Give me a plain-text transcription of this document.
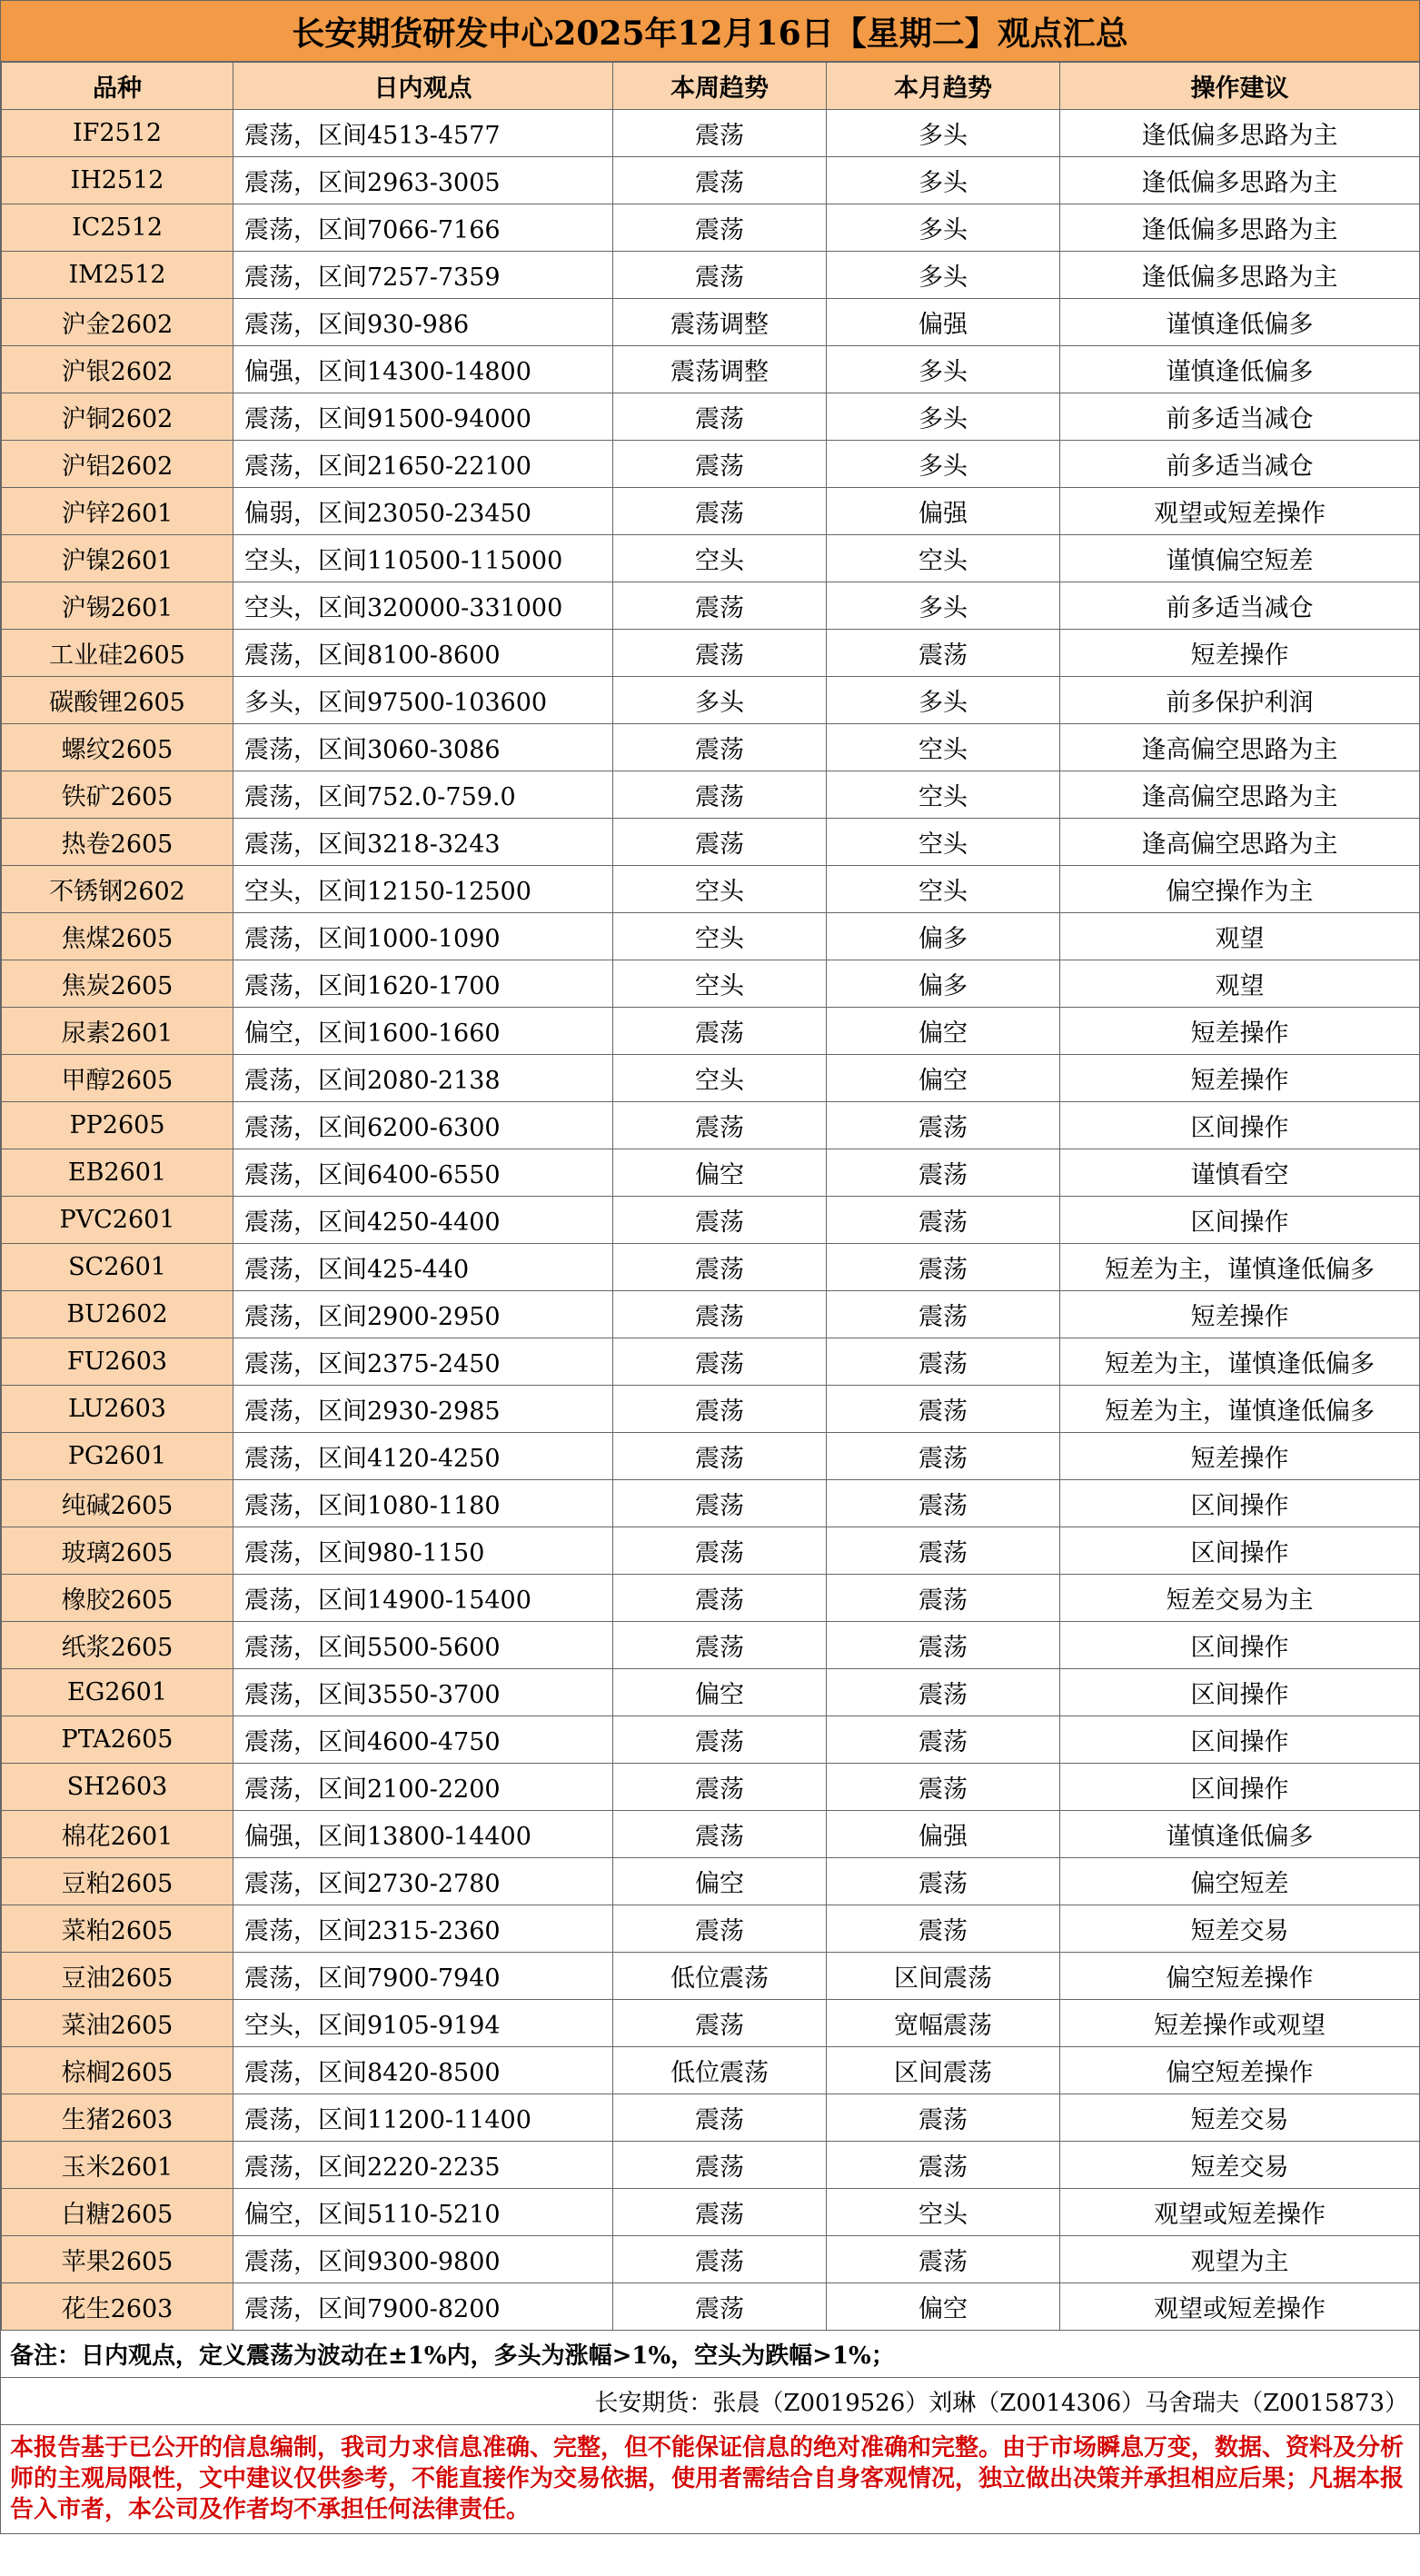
长安期货研发中心2025年12月16日【星期二】观点汇总
品种	日内观点	本周趋势	本月趋势	操作建议
IF2512	震荡，区间4513-4577	震荡	多头	逢低偏多思路为主
IH2512	震荡，区间2963-3005	震荡	多头	逢低偏多思路为主
IC2512	震荡，区间7066-7166	震荡	多头	逢低偏多思路为主
IM2512	震荡，区间7257-7359	震荡	多头	逢低偏多思路为主
沪金2602	震荡，区间930-986	震荡调整	偏强	谨慎逢低偏多
沪银2602	偏强，区间14300-14800	震荡调整	多头	谨慎逢低偏多
沪铜2602	震荡，区间91500-94000	震荡	多头	前多适当减仓
沪铝2602	震荡，区间21650-22100	震荡	多头	前多适当减仓
沪锌2601	偏弱，区间23050-23450	震荡	偏强	观望或短差操作
沪镍2601	空头，区间110500-115000	空头	空头	谨慎偏空短差
沪锡2601	空头，区间320000-331000	震荡	多头	前多适当减仓
工业硅2605	震荡，区间8100-8600	震荡	震荡	短差操作
碳酸锂2605	多头，区间97500-103600	多头	多头	前多保护利润
螺纹2605	震荡，区间3060-3086	震荡	空头	逢高偏空思路为主
铁矿2605	震荡，区间752.0-759.0	震荡	空头	逢高偏空思路为主
热卷2605	震荡，区间3218-3243	震荡	空头	逢高偏空思路为主
不锈钢2602	空头，区间12150-12500	空头	空头	偏空操作为主
焦煤2605	震荡，区间1000-1090	空头	偏多	观望
焦炭2605	震荡，区间1620-1700	空头	偏多	观望
尿素2601	偏空，区间1600-1660	震荡	偏空	短差操作
甲醇2605	震荡，区间2080-2138	空头	偏空	短差操作
PP2605	震荡，区间6200-6300	震荡	震荡	区间操作
EB2601	震荡，区间6400-6550	偏空	震荡	谨慎看空
PVC2601	震荡，区间4250-4400	震荡	震荡	区间操作
SC2601	震荡，区间425-440	震荡	震荡	短差为主，谨慎逢低偏多
BU2602	震荡，区间2900-2950	震荡	震荡	短差操作
FU2603	震荡，区间2375-2450	震荡	震荡	短差为主，谨慎逢低偏多
LU2603	震荡，区间2930-2985	震荡	震荡	短差为主，谨慎逢低偏多
PG2601	震荡，区间4120-4250	震荡	震荡	短差操作
纯碱2605	震荡，区间1080-1180	震荡	震荡	区间操作
玻璃2605	震荡，区间980-1150	震荡	震荡	区间操作
橡胶2605	震荡，区间14900-15400	震荡	震荡	短差交易为主
纸浆2605	震荡，区间5500-5600	震荡	震荡	区间操作
EG2601	震荡，区间3550-3700	偏空	震荡	区间操作
PTA2605	震荡，区间4600-4750	震荡	震荡	区间操作
SH2603	震荡，区间2100-2200	震荡	震荡	区间操作
棉花2601	偏强，区间13800-14400	震荡	偏强	谨慎逢低偏多
豆粕2605	震荡，区间2730-2780	偏空	震荡	偏空短差
菜粕2605	震荡，区间2315-2360	震荡	震荡	短差交易
豆油2605	震荡，区间7900-7940	低位震荡	区间震荡	偏空短差操作
菜油2605	空头，区间9105-9194	震荡	宽幅震荡	短差操作或观望
棕榈2605	震荡，区间8420-8500	低位震荡	区间震荡	偏空短差操作
生猪2603	震荡，区间11200-11400	震荡	震荡	短差交易
玉米2601	震荡，区间2220-2235	震荡	震荡	短差交易
白糖2605	偏空，区间5110-5210	震荡	空头	观望或短差操作
苹果2605	震荡，区间9300-9800	震荡	震荡	观望为主
花生2603	震荡，区间7900-8200	震荡	偏空	观望或短差操作
备注：日内观点，定义震荡为波动在±1%内，多头为涨幅>1%，空头为跌幅>1%；
长安期货：张晨（Z0019526）刘琳（Z0014306）马舍瑞夫（Z0015873）
本报告基于已公开的信息编制，我司力求信息准确、完整，但不能保证信息的绝对准确和完整。由于市场瞬息万变，数据、资料及分析师的主观局限性，文中建议仅供参考，不能直接作为交易依据，使用者需结合自身客观情况，独立做出决策并承担相应后果；凡据本报告入市者，本公司及作者均不承担任何法律责任。
